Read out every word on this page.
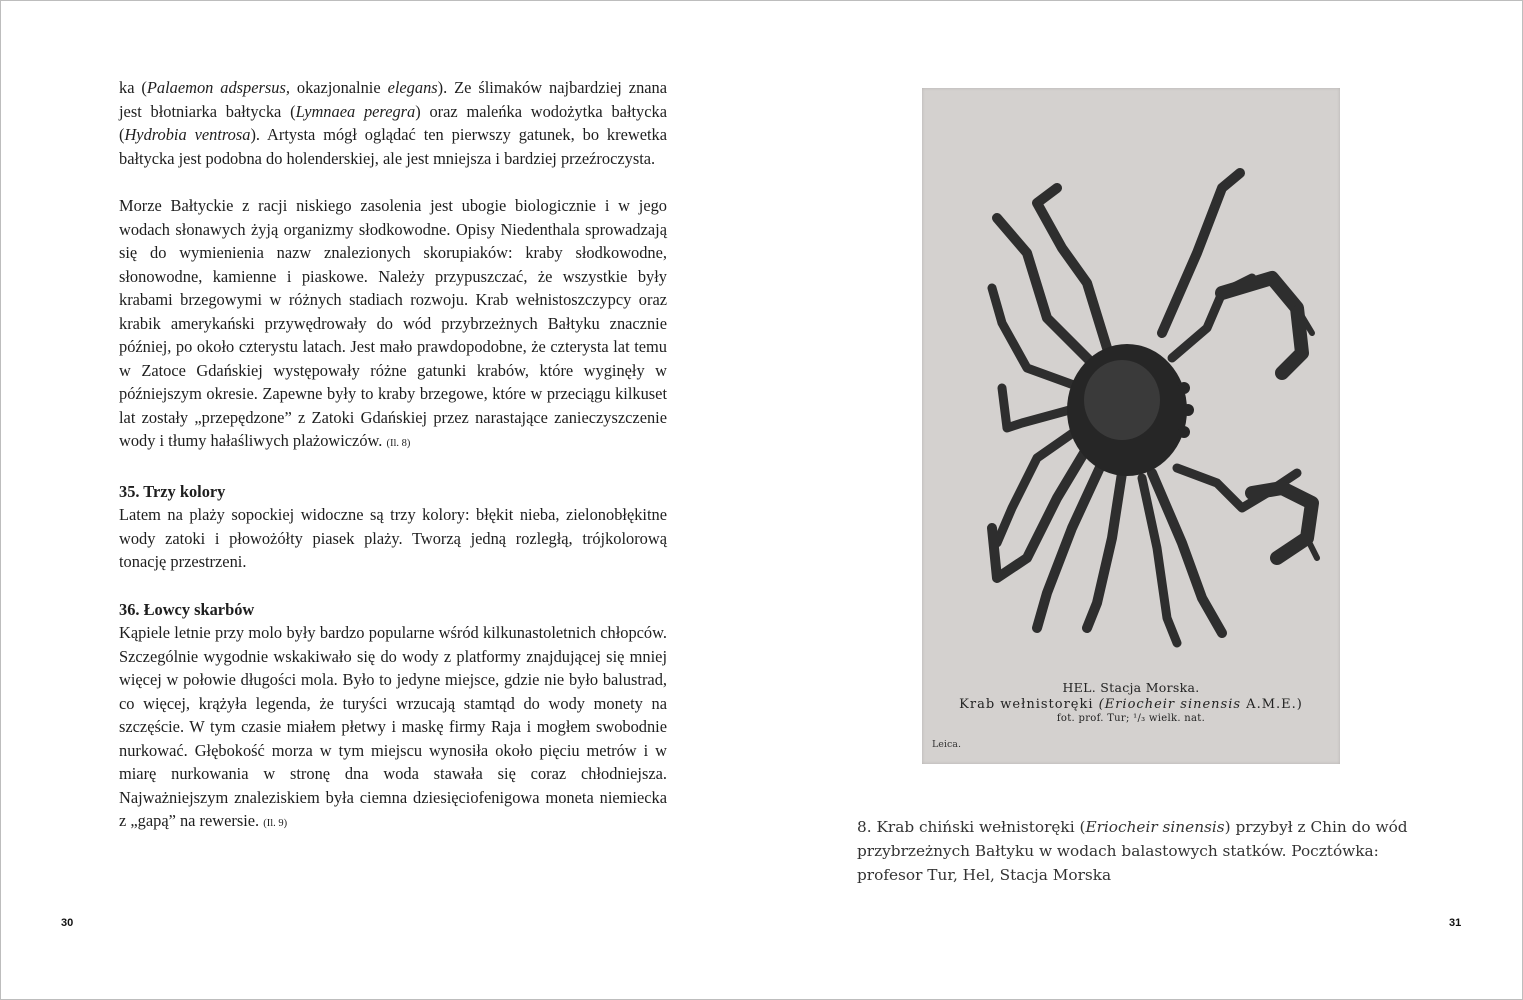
ka (Palaemon adspersus, okazjonalnie elegans). Ze ślimaków najbardziej znana jest błotniarka bałtycka (Lymnaea peregra) oraz maleńka wodożytka bałtycka (Hydrobia ventrosa). Artysta mógł oglądać ten pierwszy gatunek, bo krewetka bałtycka jest podobna do holenderskiej, ale jest mniejsza i bardziej przeźroczysta.

Morze Bałtyckie z racji niskiego zasolenia jest ubogie biologicznie i w jego wodach słonawych żyją organizmy słodkowodne. Opisy Niedenthala sprowadzają się do wymienienia nazw znalezionych skorupiaków: kraby słodkowodne, słonowodne, kamienne i piaskowe. Należy przypuszczać, że wszystkie były krabami brzegowymi w różnych stadiach rozwoju. Krab wełnistoszczypcy oraz krabik amerykański przywędrowały do wód przybrzeżnych Bałtyku znacznie później, po około czterystu latach. Jest mało prawdopodobne, że czterysta lat temu w Zatoce Gdańskiej występowały różne gatunki krabów, które wyginęły w późniejszym okresie. Zapewne były to kraby brzegowe, które w przeciągu kilkuset lat zostały „przepędzone” z Zatoki Gdańskiej przez narastające zanieczyszczenie wody i tłumy hałaśliwych plażowiczów. (Il. 8)

35. Trzy kolory

Latem na plaży sopockiej widoczne są trzy kolory: błękit nieba, zielonobłękitne wody zatoki i płowożółty piasek plaży. Tworzą jedną rozległą, trójkolorową tonację przestrzeni.

36. Łowcy skarbów

Kąpiele letnie przy molo były bardzo popularne wśród kilkunastoletnich chłopców. Szczególnie wygodnie wskakiwało się do wody z platformy znajdującej się mniej więcej w połowie długości mola. Było to jedyne miejsce, gdzie nie było balustrad, co więcej, krążyła legenda, że turyści wrzucają stamtąd do wody monety na szczęście. W tym czasie miałem płetwy i maskę firmy Raja i mogłem swobodnie nurkować. Głębokość morza w tym miejscu wynosiła około pięciu metrów i w miarę nurkowania w stronę dna woda stawała się coraz chłodniejsza. Najważniejszym znaleziskiem była ciemna dziesięciofenigowa moneta niemiecka z „gapą” na rewersie. (Il. 9)

30	31
HEL. Stacja Morska.
Krab wełnistoręki (Eriocheir sinensis A.M.E.)
fot. prof. Tur; ¹/₃ wielk. nat.
Leica.
8. Krab chiński wełnistoręki (Eriocheir sinensis) przybył z Chin do wód przybrzeżnych Bałtyku w wodach balastowych statków. Pocztówka: profesor Tur, Hel, Stacja Morska
